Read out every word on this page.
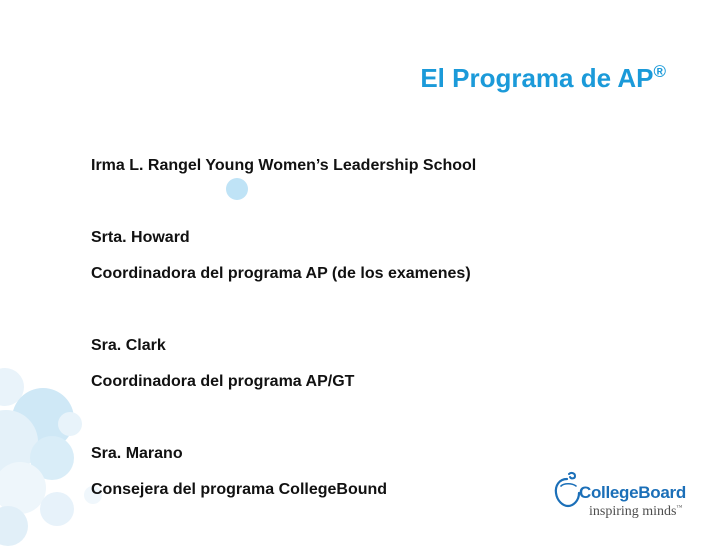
El Programa de AP®
Irma L. Rangel Young Women’s Leadership School
Srta. Howard
Coordinadora del programa AP (de los examenes)
Sra. Clark
Coordinadora del programa AP/GT
Sra. Marano
Consejera del programa CollegeBound	CollegeBoard
inspiring minds™
